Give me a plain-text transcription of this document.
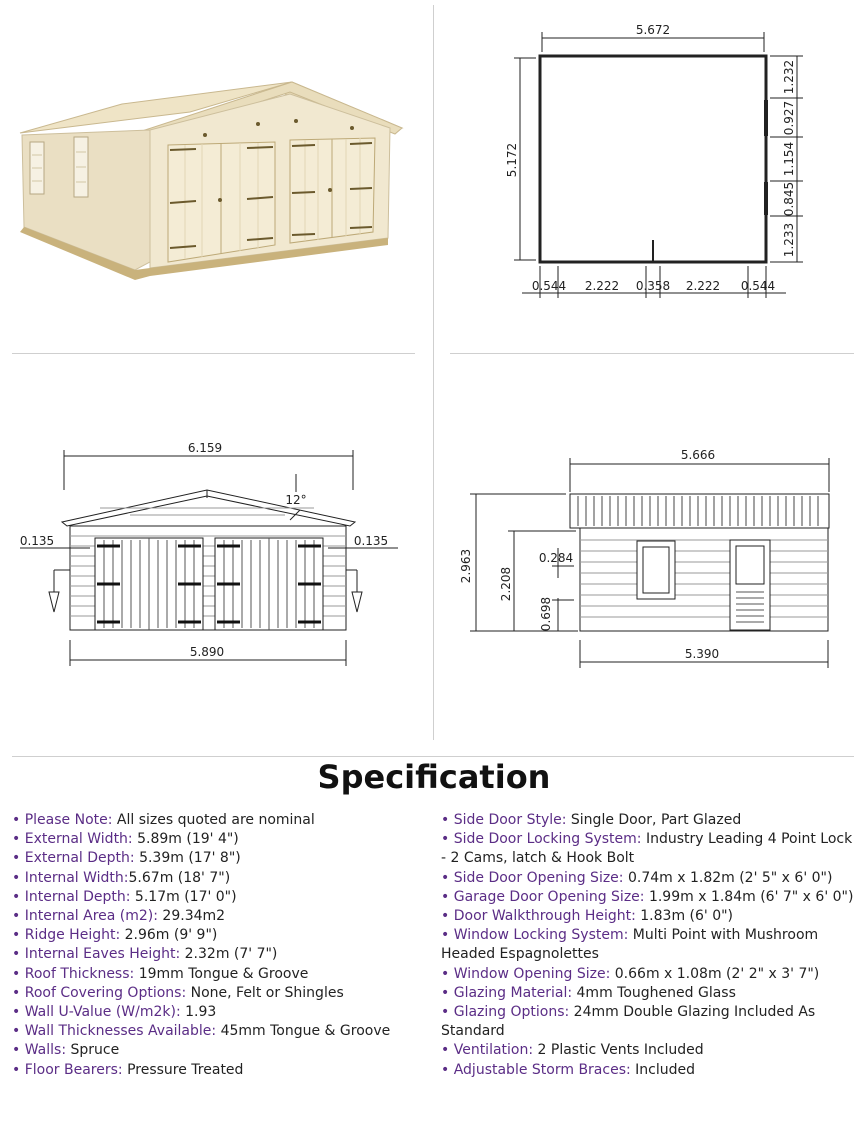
5.672
5.172
1.232
0.927
1.154
0.845
1.233
0.544 2.222 0.358 2.222 0.544
6.159
12°
0.135	0.135
5.890
5.666
2.963
2.208
0.284
0.698
5.390
Specification

• Please Note: All sizes quoted are nominal

• External Width: 5.89m (19' 4")

• External Depth: 5.39m (17' 8")

• Internal Width:5.67m (18' 7")

• Internal Depth: 5.17m (17' 0")

• Internal Area (m2): 29.34m2

• Ridge Height: 2.96m (9' 9")

• Internal Eaves Height: 2.32m (7' 7")

• Roof Thickness: 19mm Tongue & Groove

• Roof Covering Options: None, Felt or Shingles

• Wall U-Value (W/m2k): 1.93

• Wall Thicknesses Available: 45mm Tongue & Groove

• Walls: Spruce

• Floor Bearers: Pressure Treated

• Side Door Style: Single Door, Part Glazed

• Side Door Locking System: Industry Leading 4 Point Lock - 2 Cams, latch & Hook Bolt

• Side Door Opening Size: 0.74m x 1.82m (2' 5" x 6' 0")

• Garage Door Opening Size: 1.99m x 1.84m (6' 7" x 6' 0")

• Door Walkthrough Height: 1.83m (6' 0")

• Window Locking System: Multi Point with Mushroom Headed Espagnolettes

• Window Opening Size: 0.66m x 1.08m (2' 2" x 3' 7")

• Glazing Material: 4mm Toughened Glass

• Glazing Options: 24mm Double Glazing Included As Standard

• Ventilation: 2 Plastic Vents Included

• Adjustable Storm Braces: Included
